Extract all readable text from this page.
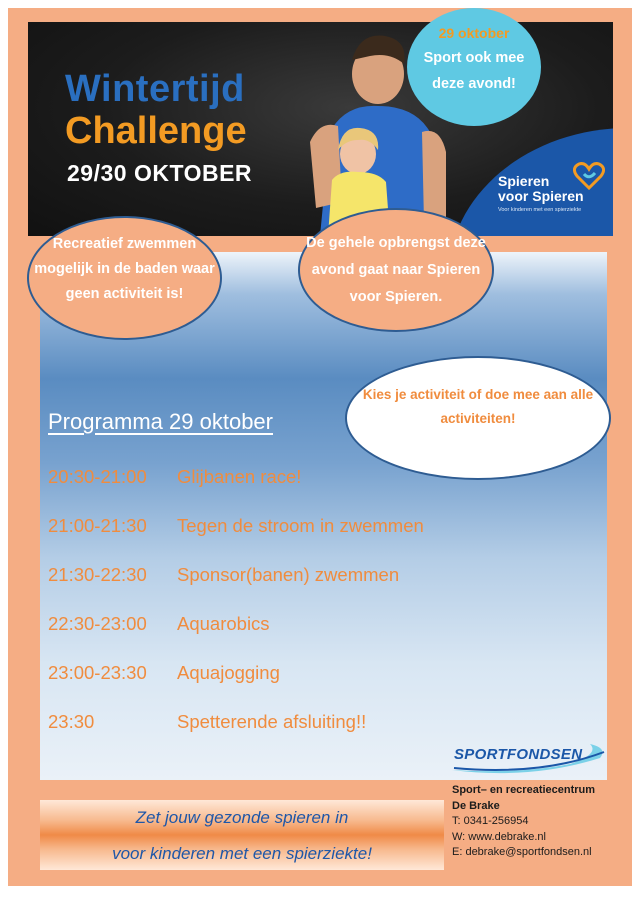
Wintertijd
Challenge
29/30 OKTOBER	Spieren
voor Spieren
Voor kinderen met een spierziekte
29 oktober
Sport ook mee deze avond!
Recreatief zwemmen mogelijk in de baden waar geen activiteit is!
De gehele opbrengst deze avond gaat naar Spieren voor Spieren.
Kies je activiteit of doe mee aan alle activiteiten!
Programma 29 oktober
20:30-21:00 Glijbanen race!
21:00-21:30 Tegen de stroom in zwemmen
21:30-22:30 Sponsor(banen) zwemmen
22:30-23:00 Aquarobics
23:00-23:30 Aquajogging
23:30	Spetterende afsluiting!!
SPORTFONDSEN
Zet jouw gezonde spieren in
voor kinderen met een spierziekte!
Sport– en recreatiecentrum
De Brake
T: 0341-256954
W: www.debrake.nl
E: debrake@sportfondsen.nl
